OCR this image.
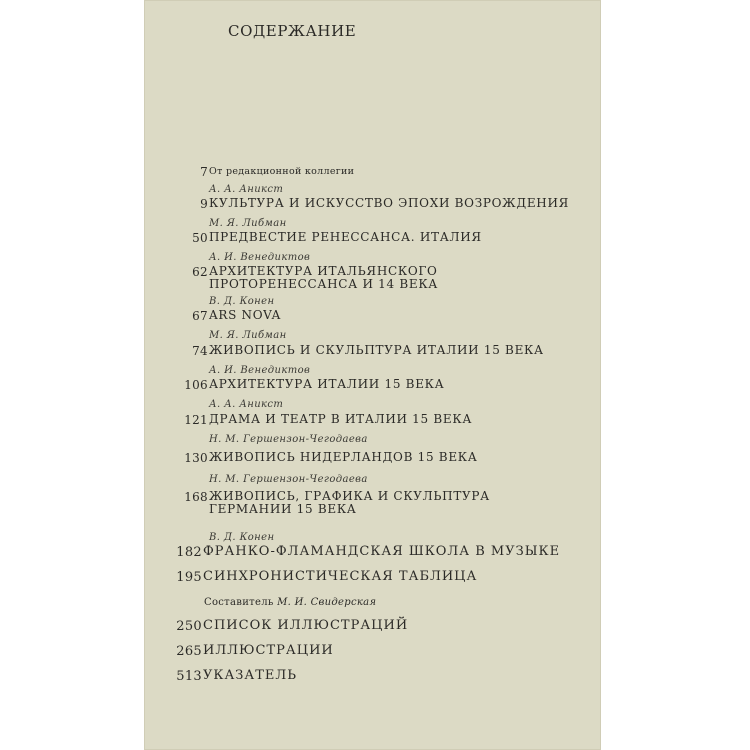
СОДЕРЖАНИЕ
7 От редакционной коллегии
А. А. Аникст
9 КУЛЬТУРА И ИСКУССТВО ЭПОХИ ВОЗРОЖДЕНИЯ
М. Я. Либман
50 ПРЕДВЕСТИЕ РЕНЕССАНСА. ИТАЛИЯ
А. И. Венедиктов
62 АРХИТЕКТУРА ИТАЛЬЯНСКОГО
ПРОТОРЕНЕССАНСА И 14 ВЕКА
В. Д. Конен
67 ARS NOVA
М. Я. Либман
74 ЖИВОПИСЬ И СКУЛЬПТУРА ИТАЛИИ 15 ВЕКА
А. И. Венедиктов
106 АРХИТЕКТУРА ИТАЛИИ 15 ВЕКА
А. А. Аникст
121 ДРАМА И ТЕАТР В ИТАЛИИ 15 ВЕКА
Н. М. Гершензон-Чегодаева
130 ЖИВОПИСЬ НИДЕРЛАНДОВ 15 ВЕКА
Н. М. Гершензон-Чегодаева
168 ЖИВОПИСЬ, ГРАФИКА И СКУЛЬПТУРА
ГЕРМАНИИ 15 ВЕКА
В. Д. Конен
182 ФРАНКО-ФЛАМАНДСКАЯ ШКОЛА В МУЗЫКЕ
195 СИНХРОНИСТИЧЕСКАЯ ТАБЛИЦА
250 СПИСОК ИЛЛЮСТРАЦИЙ
265 ИЛЛЮСТРАЦИИ
513 УКАЗАТЕЛЬ
Составитель М. И. Свидерская
